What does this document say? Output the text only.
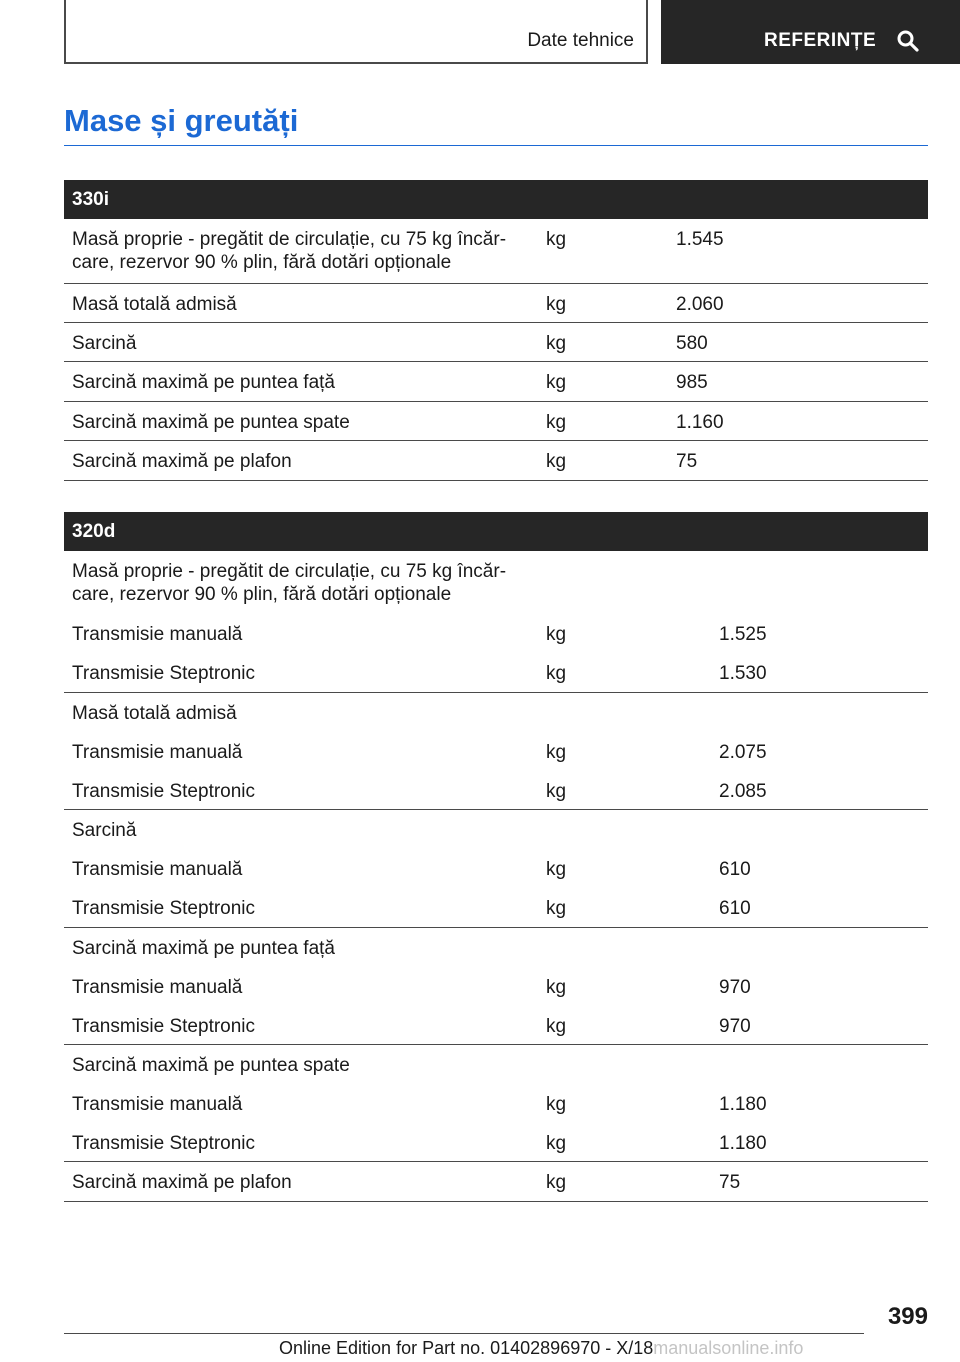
Date tehnice	REFERINȚE
Mase și greutăți
330i
Masă proprie - pregătit de circulație, cu 75 kg încăr-
care, rezervor 90 % plin, fără dotări opționale
kg	1.545
Masă totală admisă	kg	2.060
Sarcină	kg	580
Sarcină maximă pe puntea față	kg	985
Sarcină maximă pe puntea spate	kg	1.160
Sarcină maximă pe plafon	kg	75
320d
Masă proprie - pregătit de circulație, cu 75 kg încăr-
care, rezervor 90 % plin, fără dotări opționale
Transmisie manuală	kg	1.525
Transmisie Steptronic	kg	1.530
Masă totală admisă
Transmisie manuală	kg	2.075
Transmisie Steptronic	kg	2.085
Sarcină
Transmisie manuală	kg	610
Transmisie Steptronic	kg	610
Sarcină maximă pe puntea față
Transmisie manuală	kg	970
Transmisie Steptronic	kg	970
Sarcină maximă pe puntea spate
Transmisie manuală	kg	1.180
Transmisie Steptronic	kg	1.180
Sarcină maximă pe plafon	kg	75
399
Online Edition for Part no. 01402896970 - X/18manualsonline.info
